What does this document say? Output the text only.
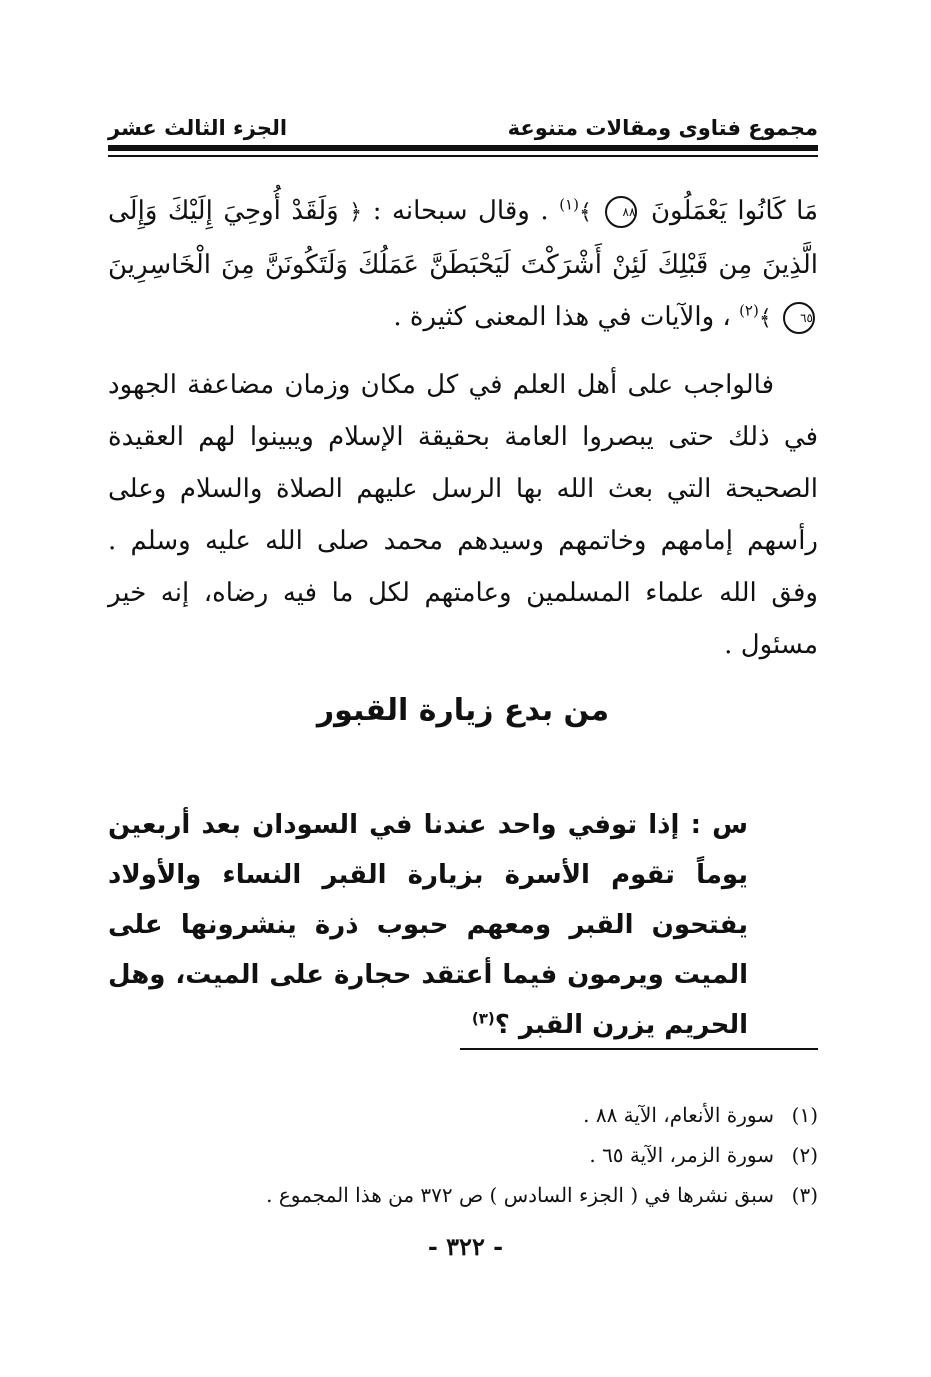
مجموع فتاوى ومقالات متنوعة
الجزء الثالث عشر

مَا كَانُوا يَعْمَلُونَ ٨٨ ﴾$^{(١)}$ . وقال سبحانه : ﴿ وَلَقَدْ أُوحِيَ إِلَيْكَ وَإِلَى الَّذِينَ مِن قَبْلِكَ لَئِنْ أَشْرَكْتَ لَيَحْبَطَنَّ عَمَلُكَ وَلَتَكُونَنَّ مِنَ الْخَاسِرِينَ ٦٥ ﴾$^{(٢)}$ ، والآيات في هذا المعنى كثيرة .

فالواجب على أهل العلم في كل مكان وزمان مضاعفة الجهود في ذلك حتى يبصروا العامة بحقيقة الإسلام ويبينوا لهم العقيدة الصحيحة التي بعث الله بها الرسل عليهم الصلاة والسلام وعلى رأسهم إمامهم وخاتمهم وسيدهم محمد صلى الله عليه وسلم . وفق الله علماء المسلمين وعامتهم لكل ما فيه رضاه، إنه خير مسئول .

من بدع زيارة القبور
س : إذا توفي واحد عندنا في السودان بعد أربعين يوماً تقوم الأسرة بزيارة القبر النساء والأولاد يفتحون القبر ومعهم حبوب ذرة ينشرونها على الميت ويرمون فيما أعتقد حجارة على الميت، وهل الحريم يزرن القبر ؟$^{(٣)}$
(١)
سورة الأنعام، الآية ٨٨ .
(٢)
سورة الزمر، الآية ٦٥ .
(٣)
سبق نشرها في ( الجزء السادس ) ص ٣٧٢ من هذا المجموع .
- ٣٢٢ -
